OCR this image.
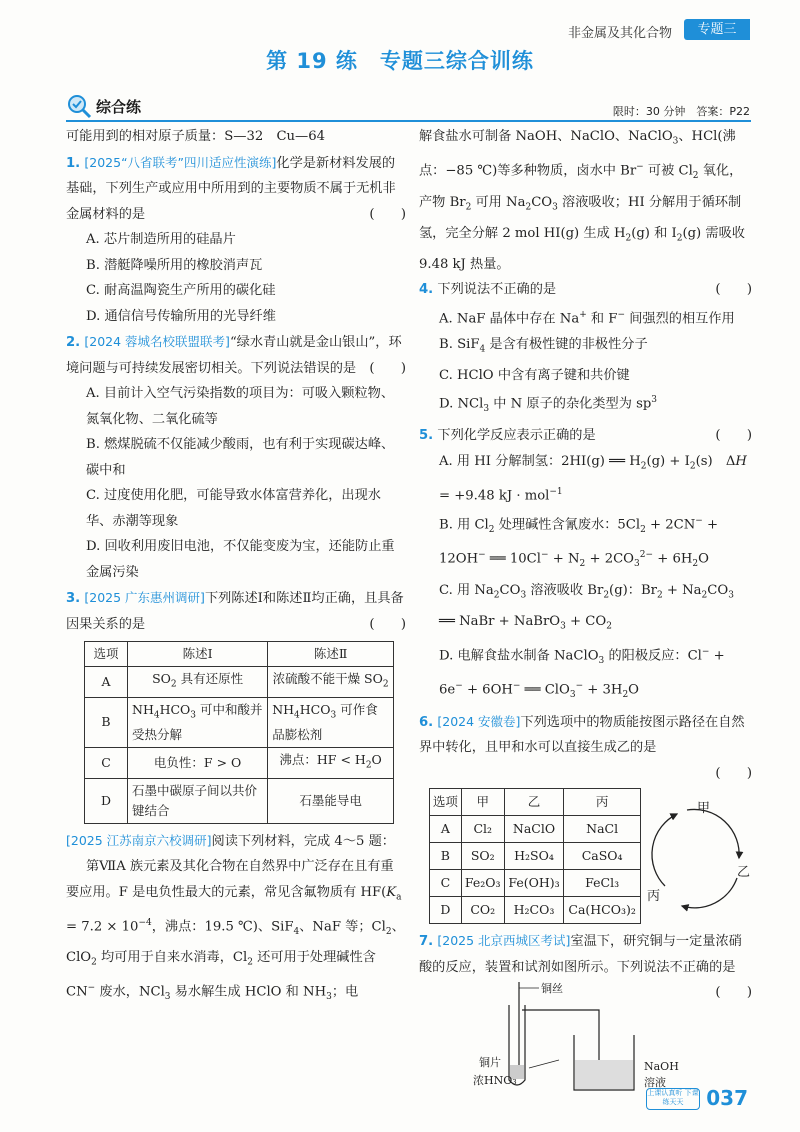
非金属及其化合物	专题三
第 19 练　专题三综合训练
综合练	限时：30 分钟　答案：P22

可能用到的相对原子质量：S—32　Cu—64

1. [2025“八省联考”四川适应性演练]化学是新材料发展的基础，下列生产或应用中所用到的主要物质不属于无机非金属材料的是	(　　)

A. 芯片制造所用的硅晶片

B. 潜艇降噪所用的橡胶消声瓦

C. 耐高温陶瓷生产所用的碳化硅

D. 通信信号传输所用的光导纤维

2. [2024 蓉城名校联盟联考]“绿水青山就是金山银山”，环境问题与可持续发展密切相关。下列说法错误的是 (　　)

A. 目前计入空气污染指数的项目为：可吸入颗粒物、氮氧化物、二氧化硫等

B. 燃煤脱硫不仅能减少酸雨，也有利于实现碳达峰、碳中和

C. 过度使用化肥，可能导致水体富营养化，出现水华、赤潮等现象

D. 回收利用废旧电池，不仅能变废为宝，还能防止重金属污染

3. [2025 广东惠州调研]下列陈述Ⅰ和陈述Ⅱ均正确，且具备因果关系的是	(　　)

选项	陈述Ⅰ	陈述Ⅱ
A	$SO_2$ 具有还原性	浓硫酸不能干燥 $SO_2$
B	$NH_4HCO_3$ 可中和酸并受热分解	$NH_4HCO_3$ 可作食品膨松剂
C	电负性：F > O	沸点：HF < $H_2O$
D	石墨中碳原子间以共价键结合	石墨能导电

[2025 江苏南京六校调研]阅读下列材料，完成 4～5 题：

第ⅦA 族元素及其化合物在自然界中广泛存在且有重要应用。F 是电负性最大的元素，常见含氟物质有 $HF(K_a = 7.2 \times 10^{-4}$，沸点：19.5 ℃)、SiF$_4$、NaF 等；$Cl_2$、ClO$_2$ 均可用于自来水消毒，$Cl_2$ 还可用于处理碱性含 CN− 废水，NCl$_3$ 易水解生成 HClO 和 $NH_3$；电

解食盐水可制备 NaOH、NaClO、NaClO$_3$、HCl(沸点：−85 ℃)等多种物质，卤水中 Br− 可被 $Cl_2$ 氧化，产物 $Br_2$ 可用 $Na_2CO_3$ 溶液吸收；HI 分解用于循环制氢，完全分解 2 mol HI(g) 生成 $H_2(g)$ 和 $I_2(g)$ 需吸收 9.48 kJ 热量。

4. 下列说法不正确的是	(　　)

A. NaF 晶体中存在 Na+ 和 F− 间强烈的相互作用

B. SiF$_4$ 是含有极性键的非极性分子

C. HClO 中含有离子键和共价键

D. NCl$_3$ 中 N 原子的杂化类型为 $sp^3$

5. 下列化学反应表示正确的是	(　　)

A. 用 HI 分解制氢：2HI(g) ══ $H_2(g) + I_2(s)$　ΔH = +9.48 kJ · mol$^{-1}$

B. 用 $Cl_2$ 处理碱性含氰废水：$5Cl_2 + 2CN^- + 12OH^-$ ══ $10Cl^- + N_2 + 2CO_3^{2-} + 6H_2O$

C. 用 $Na_2CO_3$ 溶液吸收 $Br_2(g)$：$Br_2 + Na_2CO_3$ ══ NaBr + NaBrO$_3$ + $CO_2$

D. 电解食盐水制备 NaClO$_3$ 的阳极反应：Cl− + 6e− + 6OH− ══ $ClO_3^- + 3H_2O$

6. [2024 安徽卷]下列选项中的物质能按图示路径在自然界中转化，且甲和水可以直接生成乙的是

(　　)

选项	甲	乙	丙
A	Cl₂	NaClO	NaCl
B	SO₂	H₂SO₄	CaSO₄
C	Fe₂O₃	Fe(OH)₃	FeCl₃
D	CO₂	H₂CO₃	Ca(HCO₃)₂
甲
乙
丙

7. [2025 北京西城区考试]室温下，研究铜与一定量浓硝酸的反应，装置和试剂如图所示。下列说法不正确的是
(　　)

铜丝
铜片
浓HNO₃
NaOH
溶液
上课认真听 下课练天天	037
